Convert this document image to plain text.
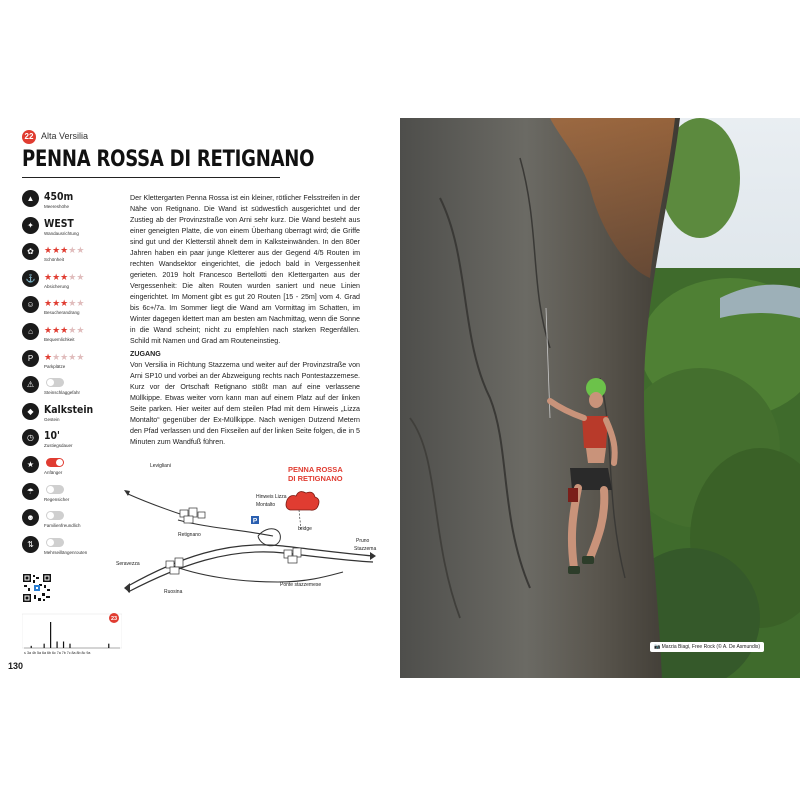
22 Alta Versilia
PENNA ROSSA DI RETIGNANO
▲ 450m
Meereshöhe
✦ WEST
Wandausrichtung
✿	★★★★★
Schönheit
⚓ ★★★★★
Absicherung
☺	★★★★★
Besucherandrang
⌂	★★★★★
Bequemlichkeit
P	★★★★★
Parkplätze
⚠
Steinschlaggefahr
◆ Kalkstein
Gestein
◷ 10'
Zustiegsdauer
★
Anfänger
☂
Regensicher
☻
Familienfreundlich
⇅
Mehrseillängenrouten
23
≤ 3a 4b 5a 6a 6b 6c 7a 7b 7c 8a 8b 8c 9a
130

Der Klettergarten Penna Rossa ist ein kleiner, rötlicher Felsstreifen in der Nähe von Retignano. Die Wand ist südwestlich ausgerichtet und der Zustieg ab der Provinzstraße von Arni sehr kurz. Die Wand besteht aus einer geneigten Platte, die von einem Überhang überragt wird; die Griffe sind gut und der Kletterstil ähnelt dem in Kalksteinwänden. In den 80er Jahren haben ein paar junge Kletterer aus der Gegend 4/5 Routen im rechten Wandsektor eingerichtet, die jedoch bald in Vergessenheit gerieten. 2019 holt Francesco Bertellotti den Klettergarten aus der Vergessenheit: Die alten Routen wurden saniert und neue Linien eingerichtet. Im Moment gibt es gut 20 Routen [15 - 25m] vom 4. Grad bis 6c+/7a. Im Sommer liegt die Wand am Vormittag im Schatten, im Winter dagegen klettert man am besten am Nachmittag, wenn die Sonne in die Wand scheint; nicht zu empfehlen nach starken Regenfällen. Schild mit Namen und Grad am Routeneinstieg.

ZUGANG

Von Versilia in Richtung Stazzema und weiter auf der Provinzstraße von Arni SP10 und vorbei an der Abzweigung rechts nach Pontestazzemese. Kurz vor der Ortschaft Retignano stößt man auf eine verlassene Müllkippe. Etwas weiter vorn kann man auf einem Platz auf der linken Seite parken. Hier weiter auf dem steilen Pfad mit dem Hinweis „Lizza Montalto“ gegenüber der Ex-Müllkippe. Nach wenigen Dutzend Metern den Pfad verlassen und den Fixseilen auf der linken Seite folgen, die in 5 Minuten zum Wandfuß führen.

PENNA ROSSA
DI RETIGNANO
P
Levigliani
Retignano
Hinweis Lizza
Montalto
bridge
Pruno
Stazzema
Seravezza
Ruosina
Ponte stazzemese
📷 Marzia Biagi, Free Rock (© A. De Asmundis)
